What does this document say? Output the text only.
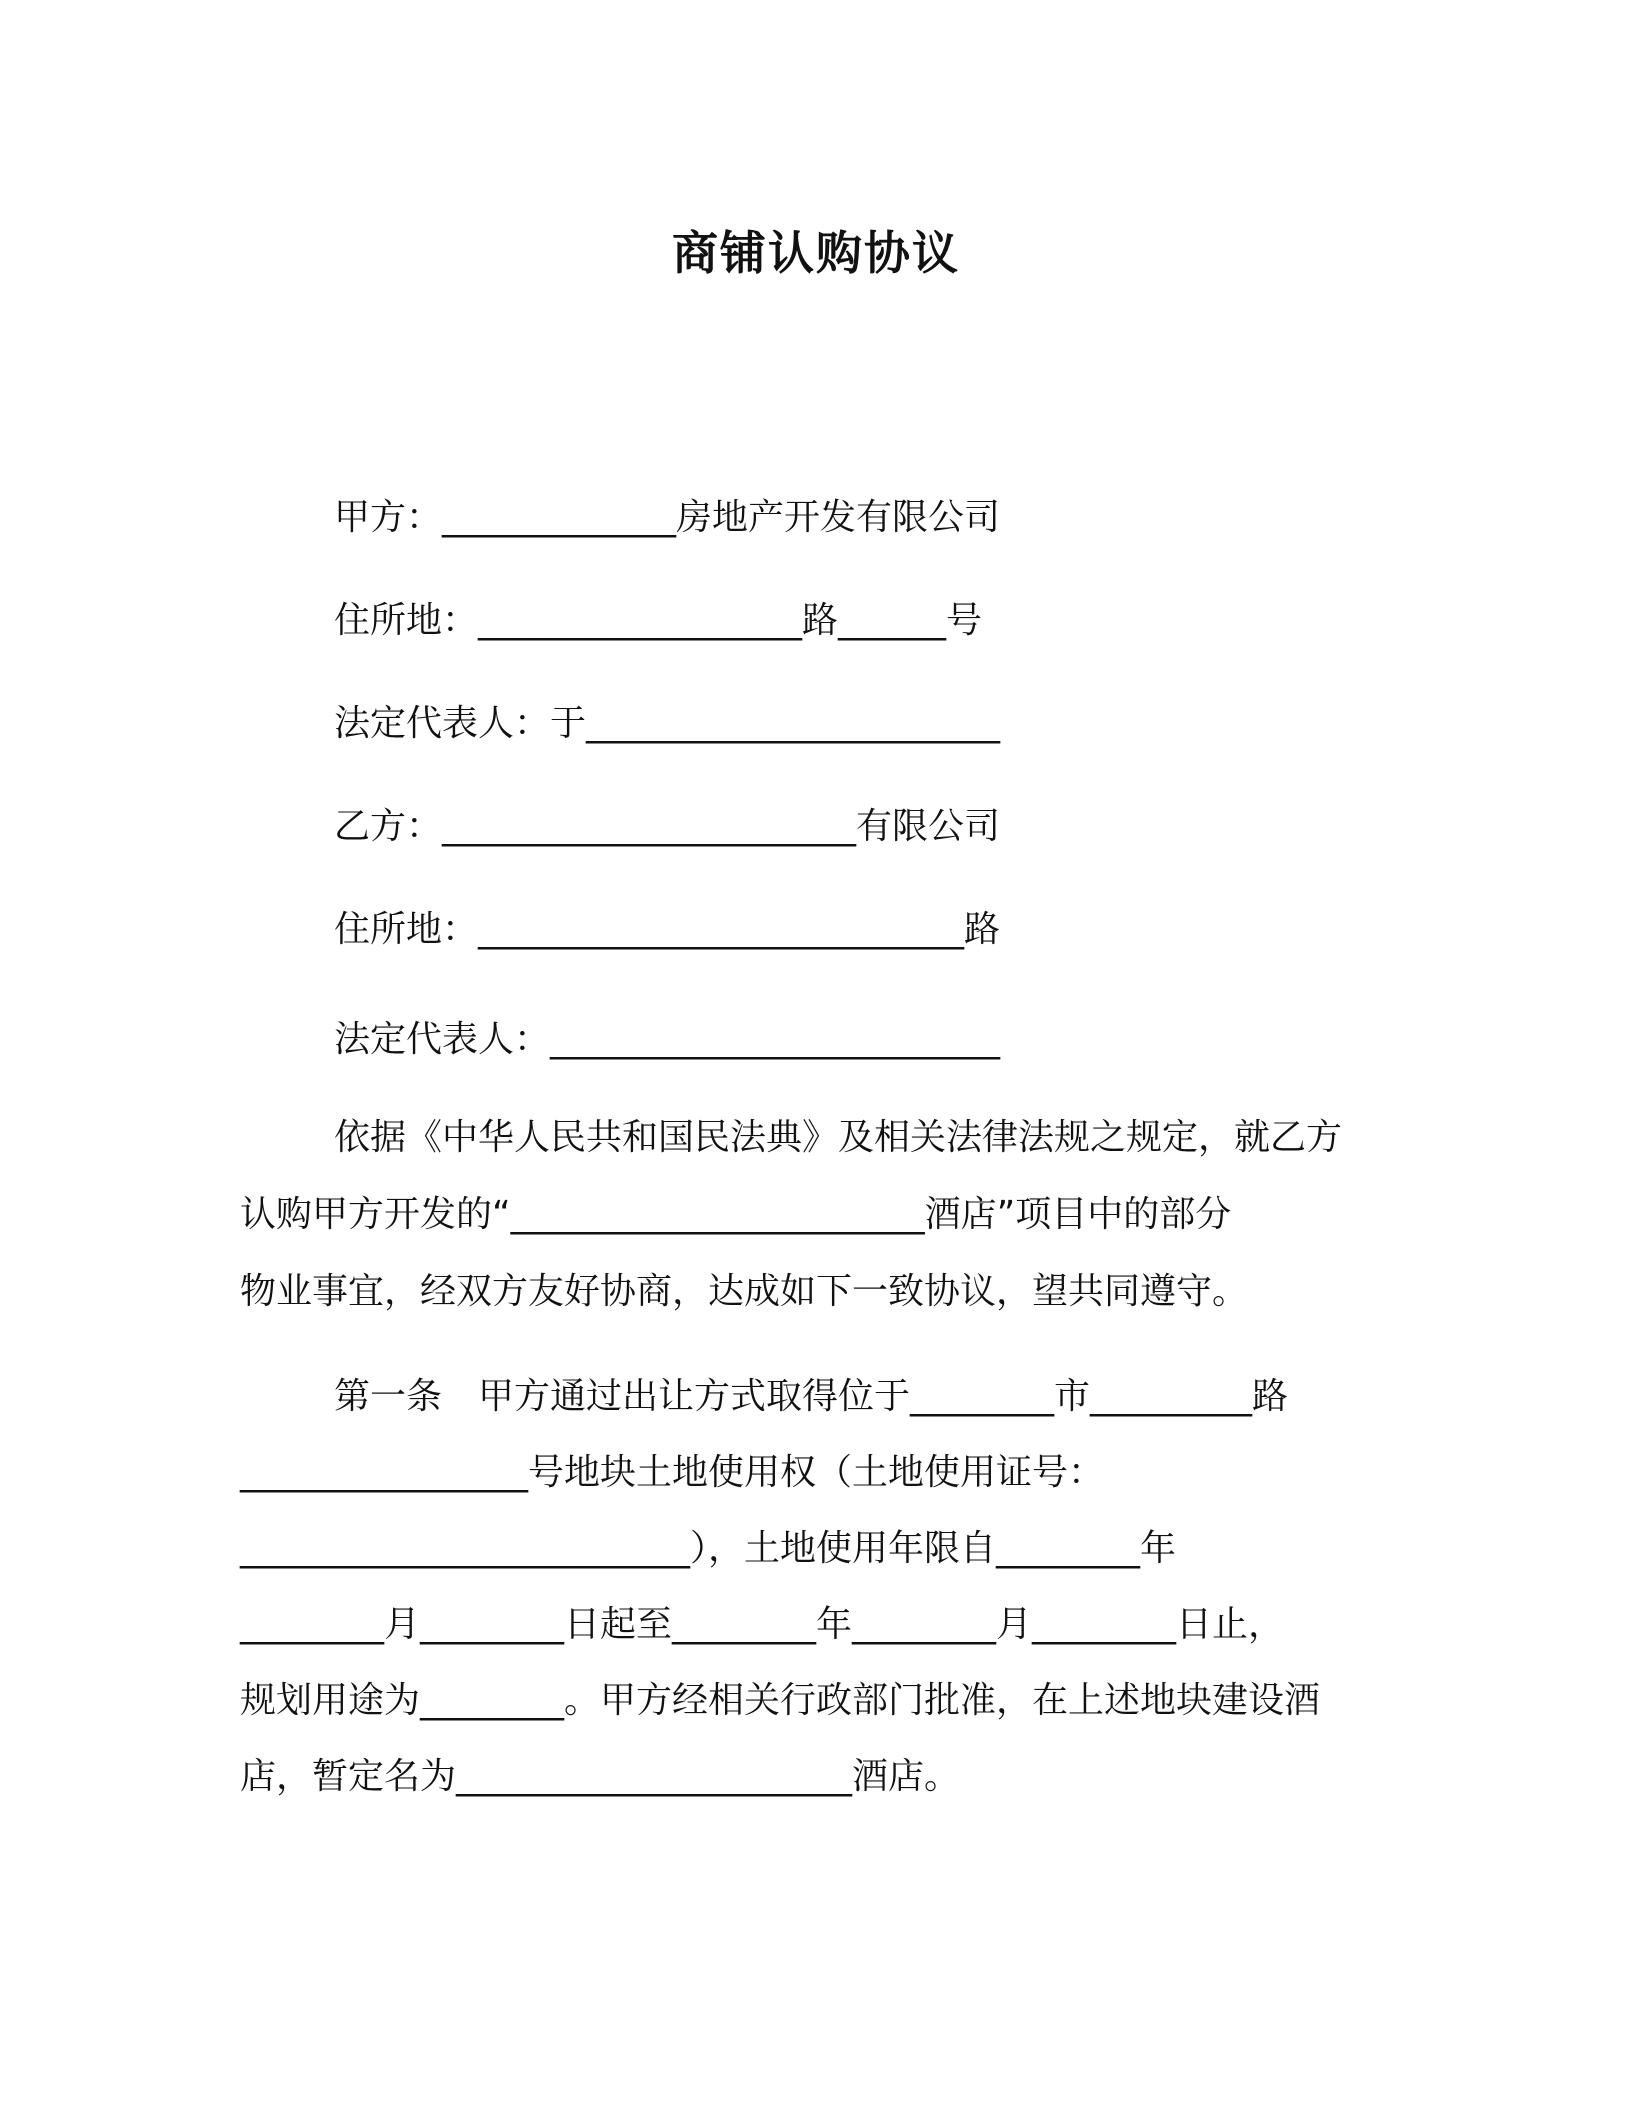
商铺认购协议
甲方：_____________房地产开发有限公司
住所地：__________________路______号
法定代表人：于_______________________
乙方：_______________________有限公司
住所地：___________________________路
法定代表人：_________________________
依据《中华人民共和国民法典》及相关法律法规之规定，就乙方
认购甲方开发的“_______________________酒店”项目中的部分
物业事宜，经双方友好协商，达成如下一致协议，望共同遵守。
第一条　甲方通过出让方式取得位于________市_________路
________________号地块土地使用权（土地使用证号：
_________________________），土地使用年限自________年
________月________日起至________年________月________日止，
规划用途为________。甲方经相关行政部门批准，在上述地块建设酒
店，暂定名为______________________酒店。
